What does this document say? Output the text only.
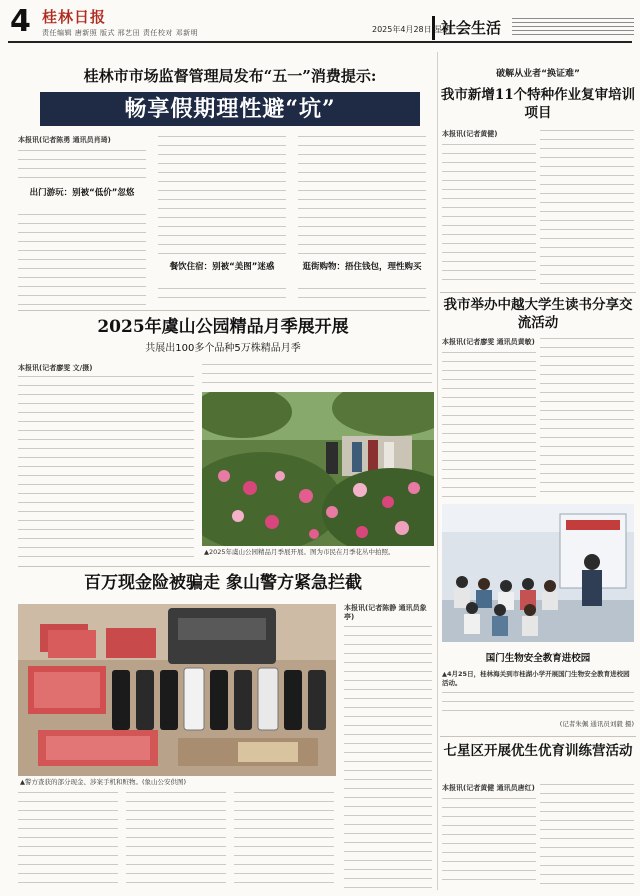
4 桂林日报
责任编辑 唐新照 版式 邢艺田 责任校对 邓新明	2025年4月28日 星期一
社会生活
桂林市市场监督管理局发布“五一”消费提示:
畅享假期理性避“坑”
本报讯(记者陈勇 通讯员肖琦)
出门游玩：别被“低价”忽悠
餐饮住宿：别被“美图”迷惑	逛街购物：捂住钱包，理性购买
2025年虞山公园精品月季展开展
共展出100多个品种5万株精品月季
本报讯(记者廖雯 文/摄)
▲2025年虞山公园精品月季展开展。图为市民在月季花丛中拍照。
百万现金险被骗走 象山警方紧急拦截
▲警方查获的部分现金、涉案手机和赃物。(象山公安供图)
本报讯(记者陈静 通讯员象亭)
破解从业者“换证难”
我市新增11个特种作业复审培训项目
本报讯(记者黄健)
我市举办中越大学生读书分享交流活动
本报讯(记者廖雯 通讯员黄敏)
国门生物安全教育进校园
▲4月25日，桂林海关到市桂湖小学开展国门生物安全教育进校园活动。
(记者朱佩 通讯员刘毅 摄)
七星区开展优生优育训练营活动
本报讯(记者黄健 通讯员唐红)
